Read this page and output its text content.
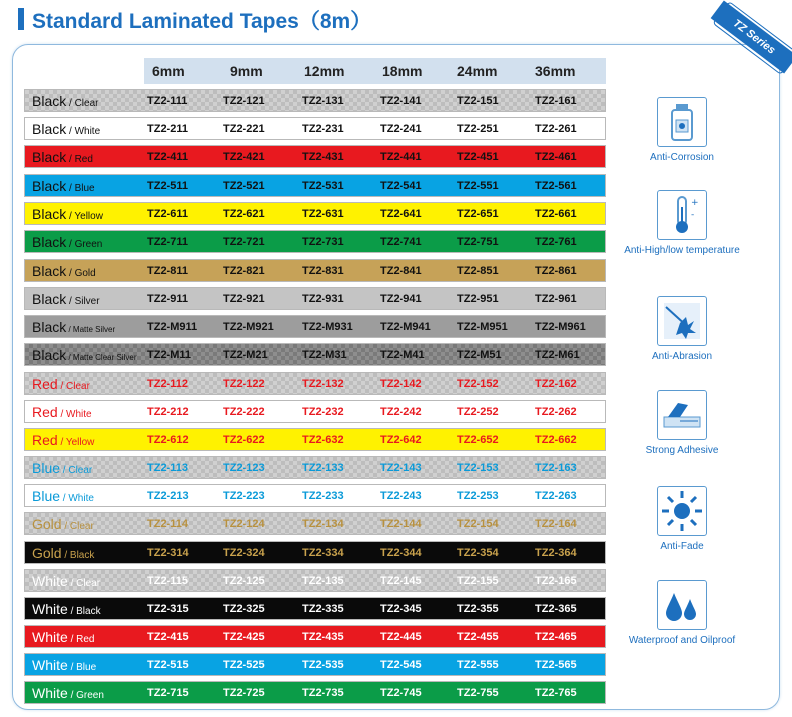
Standard Laminated Tapes（8m）	TZ Series
6mm	9mm	12mm	18mm 24mm	36mm
Black / Clear	TZ2-111	TZ2-121	TZ2-131	TZ2-141	TZ2-151	TZ2-161
Black / White	TZ2-211	TZ2-221	TZ2-231	TZ2-241	TZ2-251	TZ2-261
Black / Red	TZ2-411	TZ2-421	TZ2-431	TZ2-441	TZ2-451	TZ2-461
Black / Blue	TZ2-511	TZ2-521	TZ2-531	TZ2-541	TZ2-551	TZ2-561
Black / Yellow	TZ2-611	TZ2-621	TZ2-631	TZ2-641	TZ2-651	TZ2-661
Black / Green	TZ2-711	TZ2-721	TZ2-731	TZ2-741	TZ2-751	TZ2-761
Black / Gold	TZ2-811	TZ2-821	TZ2-831	TZ2-841	TZ2-851	TZ2-861
Black / Silver	TZ2-911	TZ2-921	TZ2-931	TZ2-941	TZ2-951	TZ2-961
Black / Matte Silver	TZ2-M911 TZ2-M921	TZ2-M931 TZ2-M941 TZ2-M951 TZ2-M961
Black / Matte Clear Silver TZ2-M11	TZ2-M21	TZ2-M31	TZ2-M41	TZ2-M51	TZ2-M61
Red / Clear	TZ2-112	TZ2-122	TZ2-132	TZ2-142	TZ2-152	TZ2-162
Red / White	TZ2-212	TZ2-222	TZ2-232	TZ2-242	TZ2-252	TZ2-262
Red / Yellow	TZ2-612	TZ2-622	TZ2-632	TZ2-642	TZ2-652	TZ2-662
Blue / Clear	TZ2-113	TZ2-123	TZ2-133	TZ2-143	TZ2-153	TZ2-163
Blue / White	TZ2-213	TZ2-223	TZ2-233	TZ2-243	TZ2-253	TZ2-263
Gold / Clear	TZ2-114	TZ2-124	TZ2-134	TZ2-144	TZ2-154	TZ2-164
Gold / Black	TZ2-314	TZ2-324	TZ2-334	TZ2-344	TZ2-354	TZ2-364
White / Clear	TZ2-115	TZ2-125	TZ2-135	TZ2-145	TZ2-155	TZ2-165
White / Black	TZ2-315	TZ2-325	TZ2-335	TZ2-345	TZ2-355	TZ2-365
White / Red	TZ2-415	TZ2-425	TZ2-435	TZ2-445	TZ2-455	TZ2-465
White / Blue	TZ2-515	TZ2-525	TZ2-535	TZ2-545	TZ2-555	TZ2-565
White / Green	TZ2-715	TZ2-725	TZ2-735	TZ2-745	TZ2-755	TZ2-765
Anti-Corrosion
+
-
Anti-High/low temperature
Anti-Abrasion
Strong Adhesive
Anti-Fade
Waterproof and Oilproof
